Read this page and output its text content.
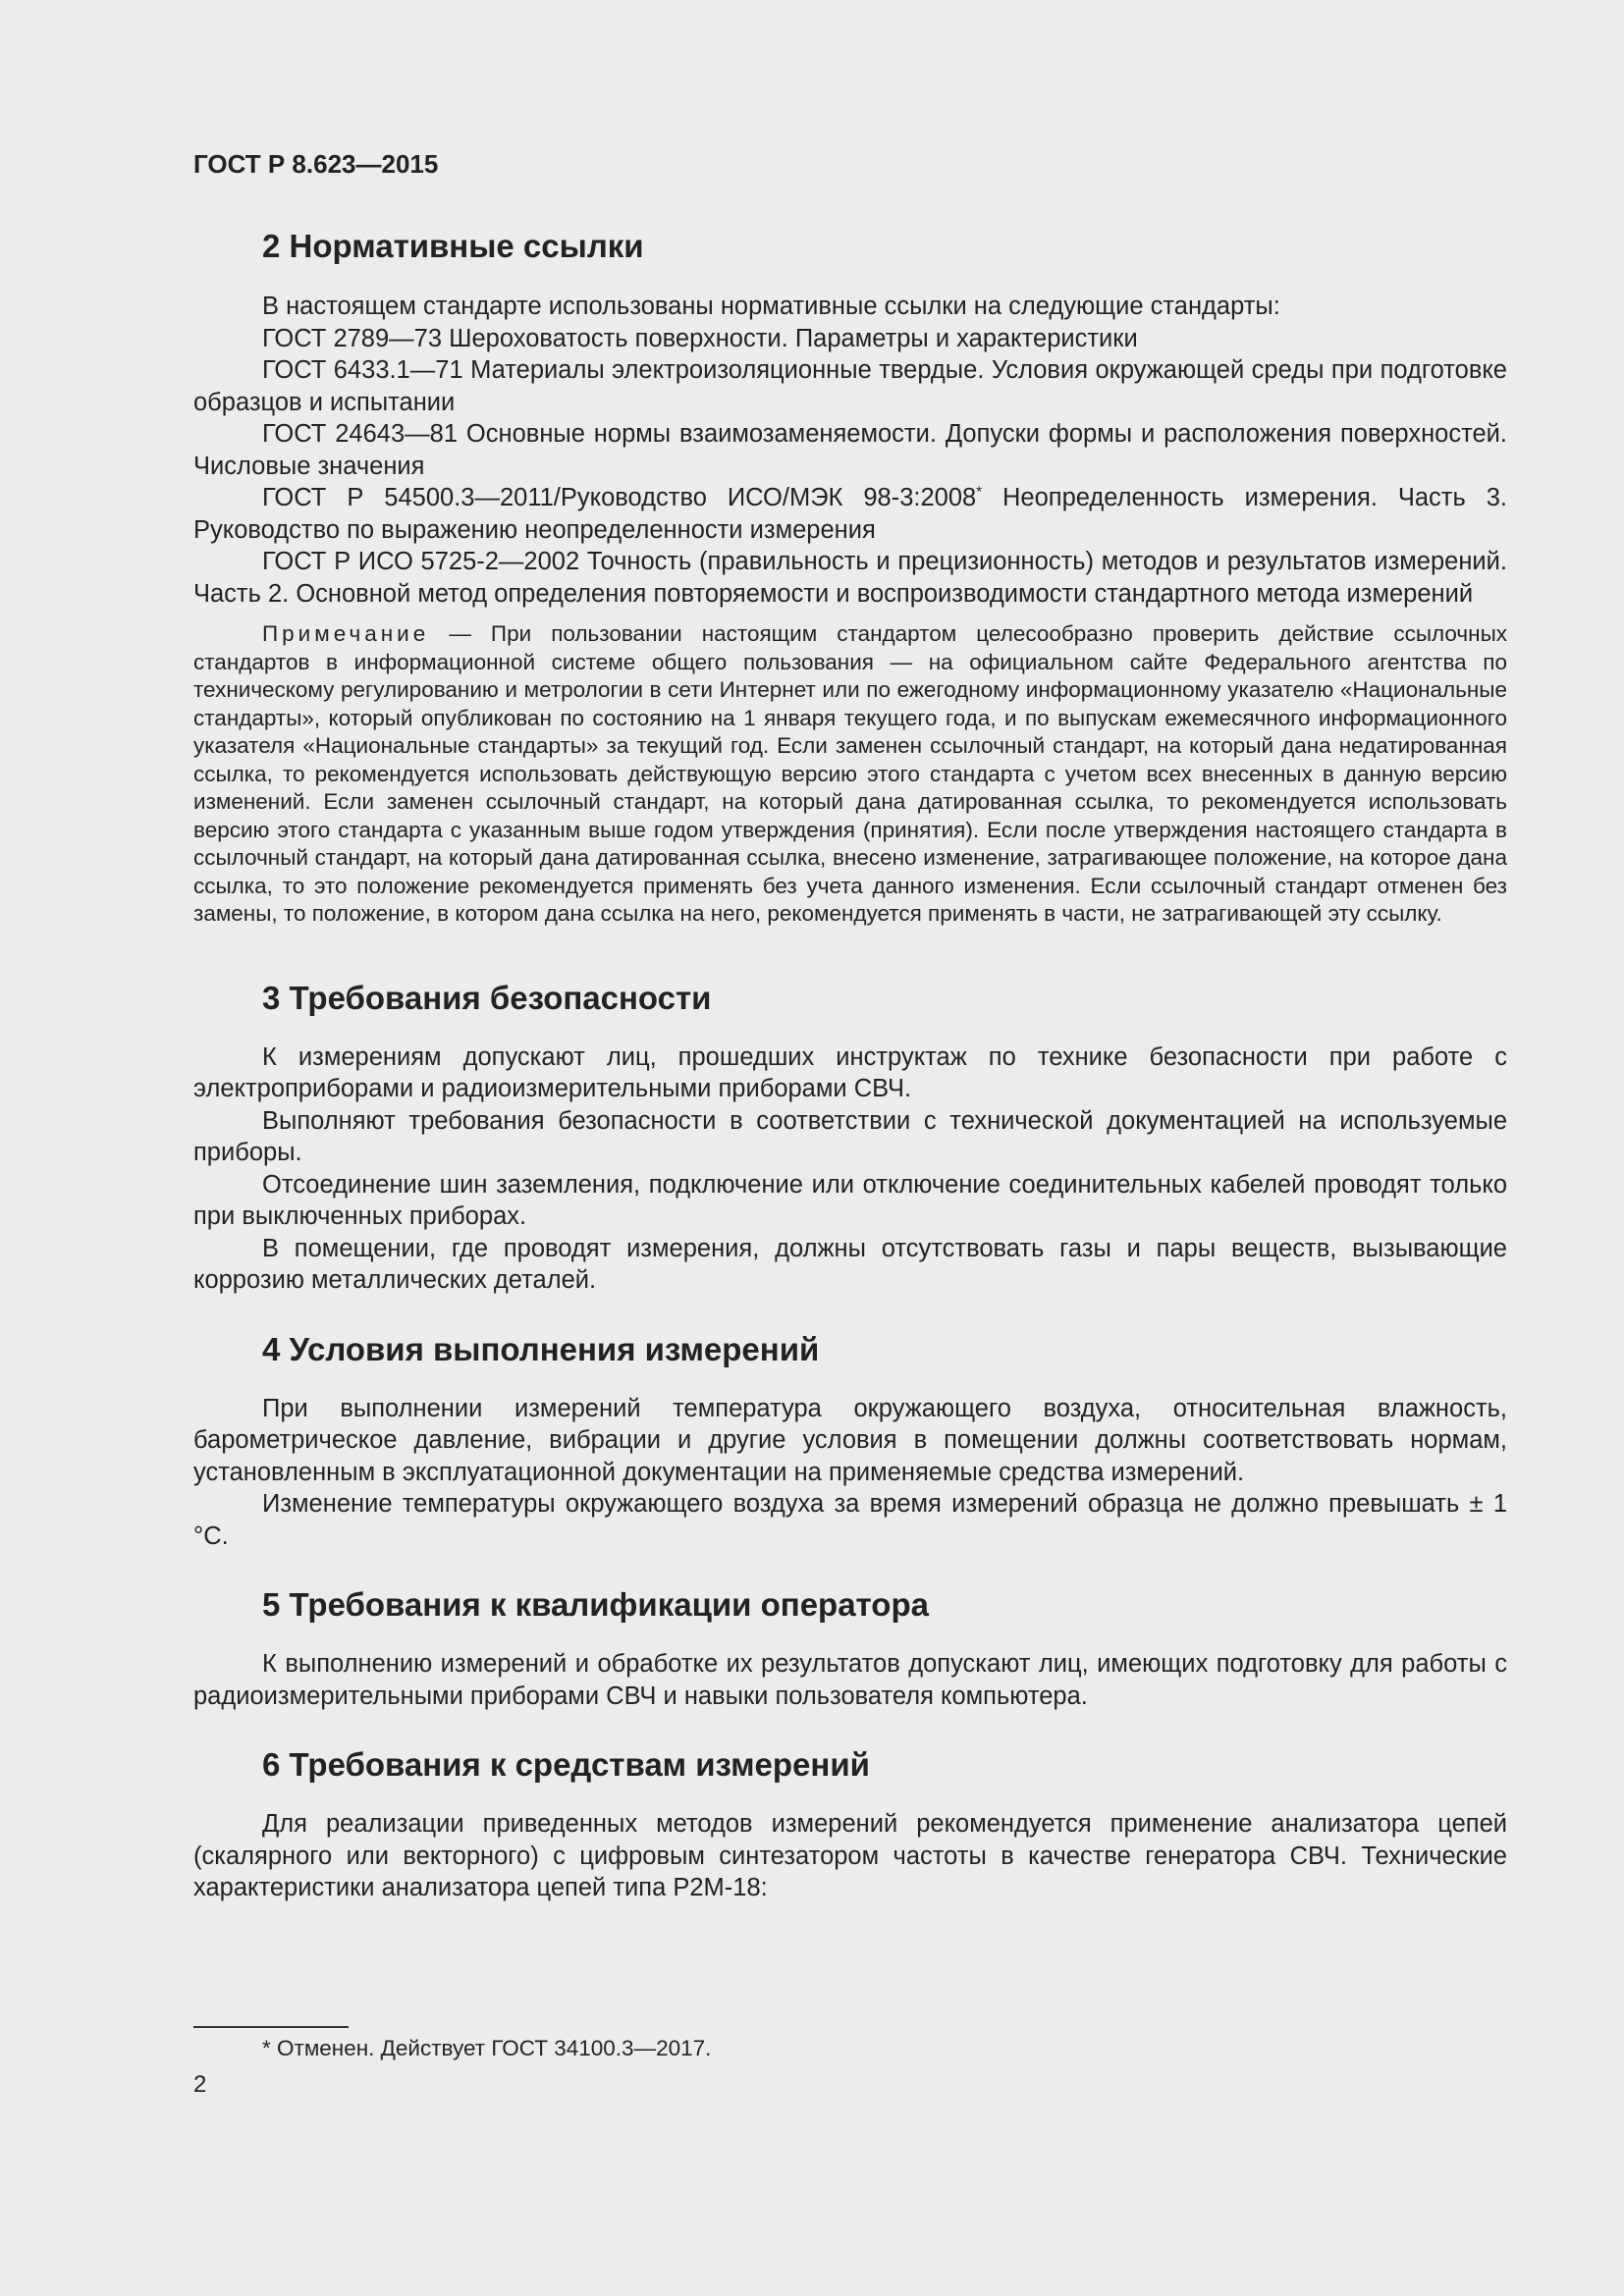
ГОСТ Р 8.623—2015
2 Нормативные ссылки

В настоящем стандарте использованы нормативные ссылки на следующие стандарты:

ГОСТ 2789—73 Шероховатость поверхности. Параметры и характеристики

ГОСТ 6433.1—71 Материалы электроизоляционные твердые. Условия окружающей среды при подготовке образцов и испытании

ГОСТ 24643—81 Основные нормы взаимозаменяемости. Допуски формы и расположения поверхностей. Числовые значения

ГОСТ Р 54500.3—2011/Руководство ИСО/МЭК 98-3:2008* Неопределенность измерения. Часть 3. Руководство по выражению неопределенности измерения

ГОСТ Р ИСО 5725-2—2002 Точность (правильность и прецизионность) методов и результатов измерений. Часть 2. Основной метод определения повторяемости и воспроизводимости стандартного метода измерений

Примечание — При пользовании настоящим стандартом целесообразно проверить действие ссылочных стандартов в информационной системе общего пользования — на официальном сайте Федерального агентства по техническому регулированию и метрологии в сети Интернет или по ежегодному информационному указателю «Национальные стандарты», который опубликован по состоянию на 1 января текущего года, и по выпускам ежемесячного информационного указателя «Национальные стандарты» за текущий год. Если заменен ссылочный стандарт, на который дана недатированная ссылка, то рекомендуется использовать действующую версию этого стандарта с учетом всех внесенных в данную версию изменений. Если заменен ссылочный стандарт, на который дана датированная ссылка, то рекомендуется использовать версию этого стандарта с указанным выше годом утверждения (принятия). Если после утверждения настоящего стандарта в ссылочный стандарт, на который дана датированная ссылка, внесено изменение, затрагивающее положение, на которое дана ссылка, то это положение рекомендуется применять без учета данного изменения. Если ссылочный стандарт отменен без замены, то положение, в котором дана ссылка на него, рекомендуется применять в части, не затрагивающей эту ссылку.
3 Требования безопасности

К измерениям допускают лиц, прошедших инструктаж по технике безопасности при работе с электроприборами и радиоизмерительными приборами СВЧ.

Выполняют требования безопасности в соответствии с технической документацией на используемые приборы.

Отсоединение шин заземления, подключение или отключение соединительных кабелей проводят только при выключенных приборах.

В помещении, где проводят измерения, должны отсутствовать газы и пары веществ, вызывающие коррозию металлических деталей.

4 Условия выполнения измерений

При выполнении измерений температура окружающего воздуха, относительная влажность, барометрическое давление, вибрации и другие условия в помещении должны соответствовать нормам, установленным в эксплуатационной документации на применяемые средства измерений.

Изменение температуры окружающего воздуха за время измерений образца не должно превышать ± 1 °С.

5 Требования к квалификации оператора

К выполнению измерений и обработке их результатов допускают лиц, имеющих подготовку для работы с радиоизмерительными приборами СВЧ и навыки пользователя компьютера.

6 Требования к средствам измерений

Для реализации приведенных методов измерений рекомендуется применение анализатора цепей (скалярного или векторного) с цифровым синтезатором частоты в качестве генератора СВЧ. Технические характеристики анализатора цепей типа Р2М-18:

* Отменен. Действует ГОСТ 34100.3—2017.
2
